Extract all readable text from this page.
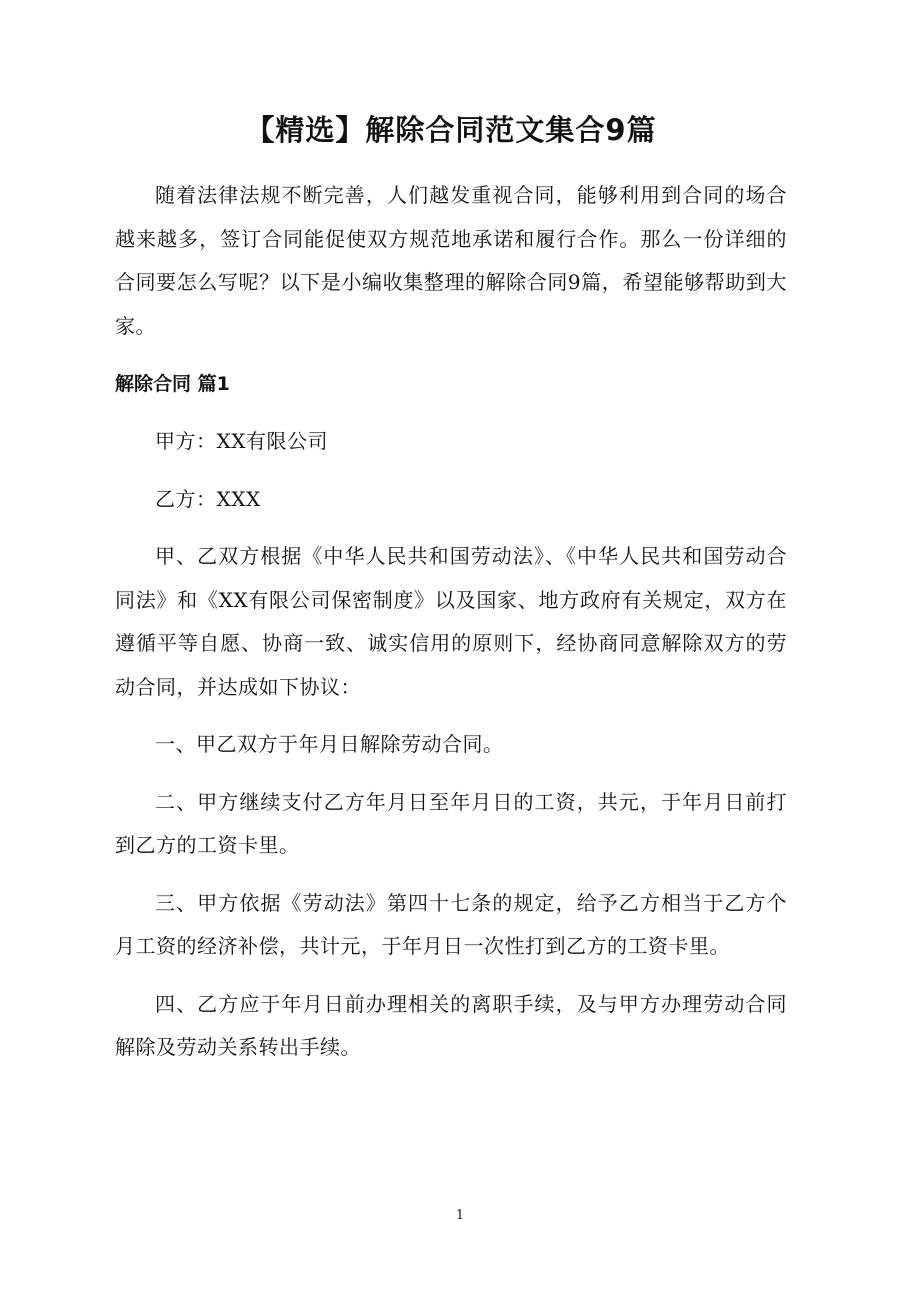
【精选】解除合同范文集合9篇

随着法律法规不断完善，人们越发重视合同，能够利用到合同的场合越来越多，签订合同能促使双方规范地承诺和履行合作。那么一份详细的合同要怎么写呢？以下是小编收集整理的解除合同9篇，希望能够帮助到大家。

解除合同 篇1

甲方：XX有限公司

乙方：XXX

甲、乙双方根据《中华人民共和国劳动法》、《中华人民共和国劳动合同法》和《XX有限公司保密制度》以及国家、地方政府有关规定，双方在遵循平等自愿、协商一致、诚实信用的原则下，经协商同意解除双方的劳动合同，并达成如下协议：

一、甲乙双方于年月日解除劳动合同。

二、甲方继续支付乙方年月日至年月日的工资，共元，于年月日前打到乙方的工资卡里。

三、甲方依据《劳动法》第四十七条的规定，给予乙方相当于乙方个月工资的经济补偿，共计元，于年月日一次性打到乙方的工资卡里。

四、乙方应于年月日前办理相关的离职手续，及与甲方办理劳动合同解除及劳动关系转出手续。

1
